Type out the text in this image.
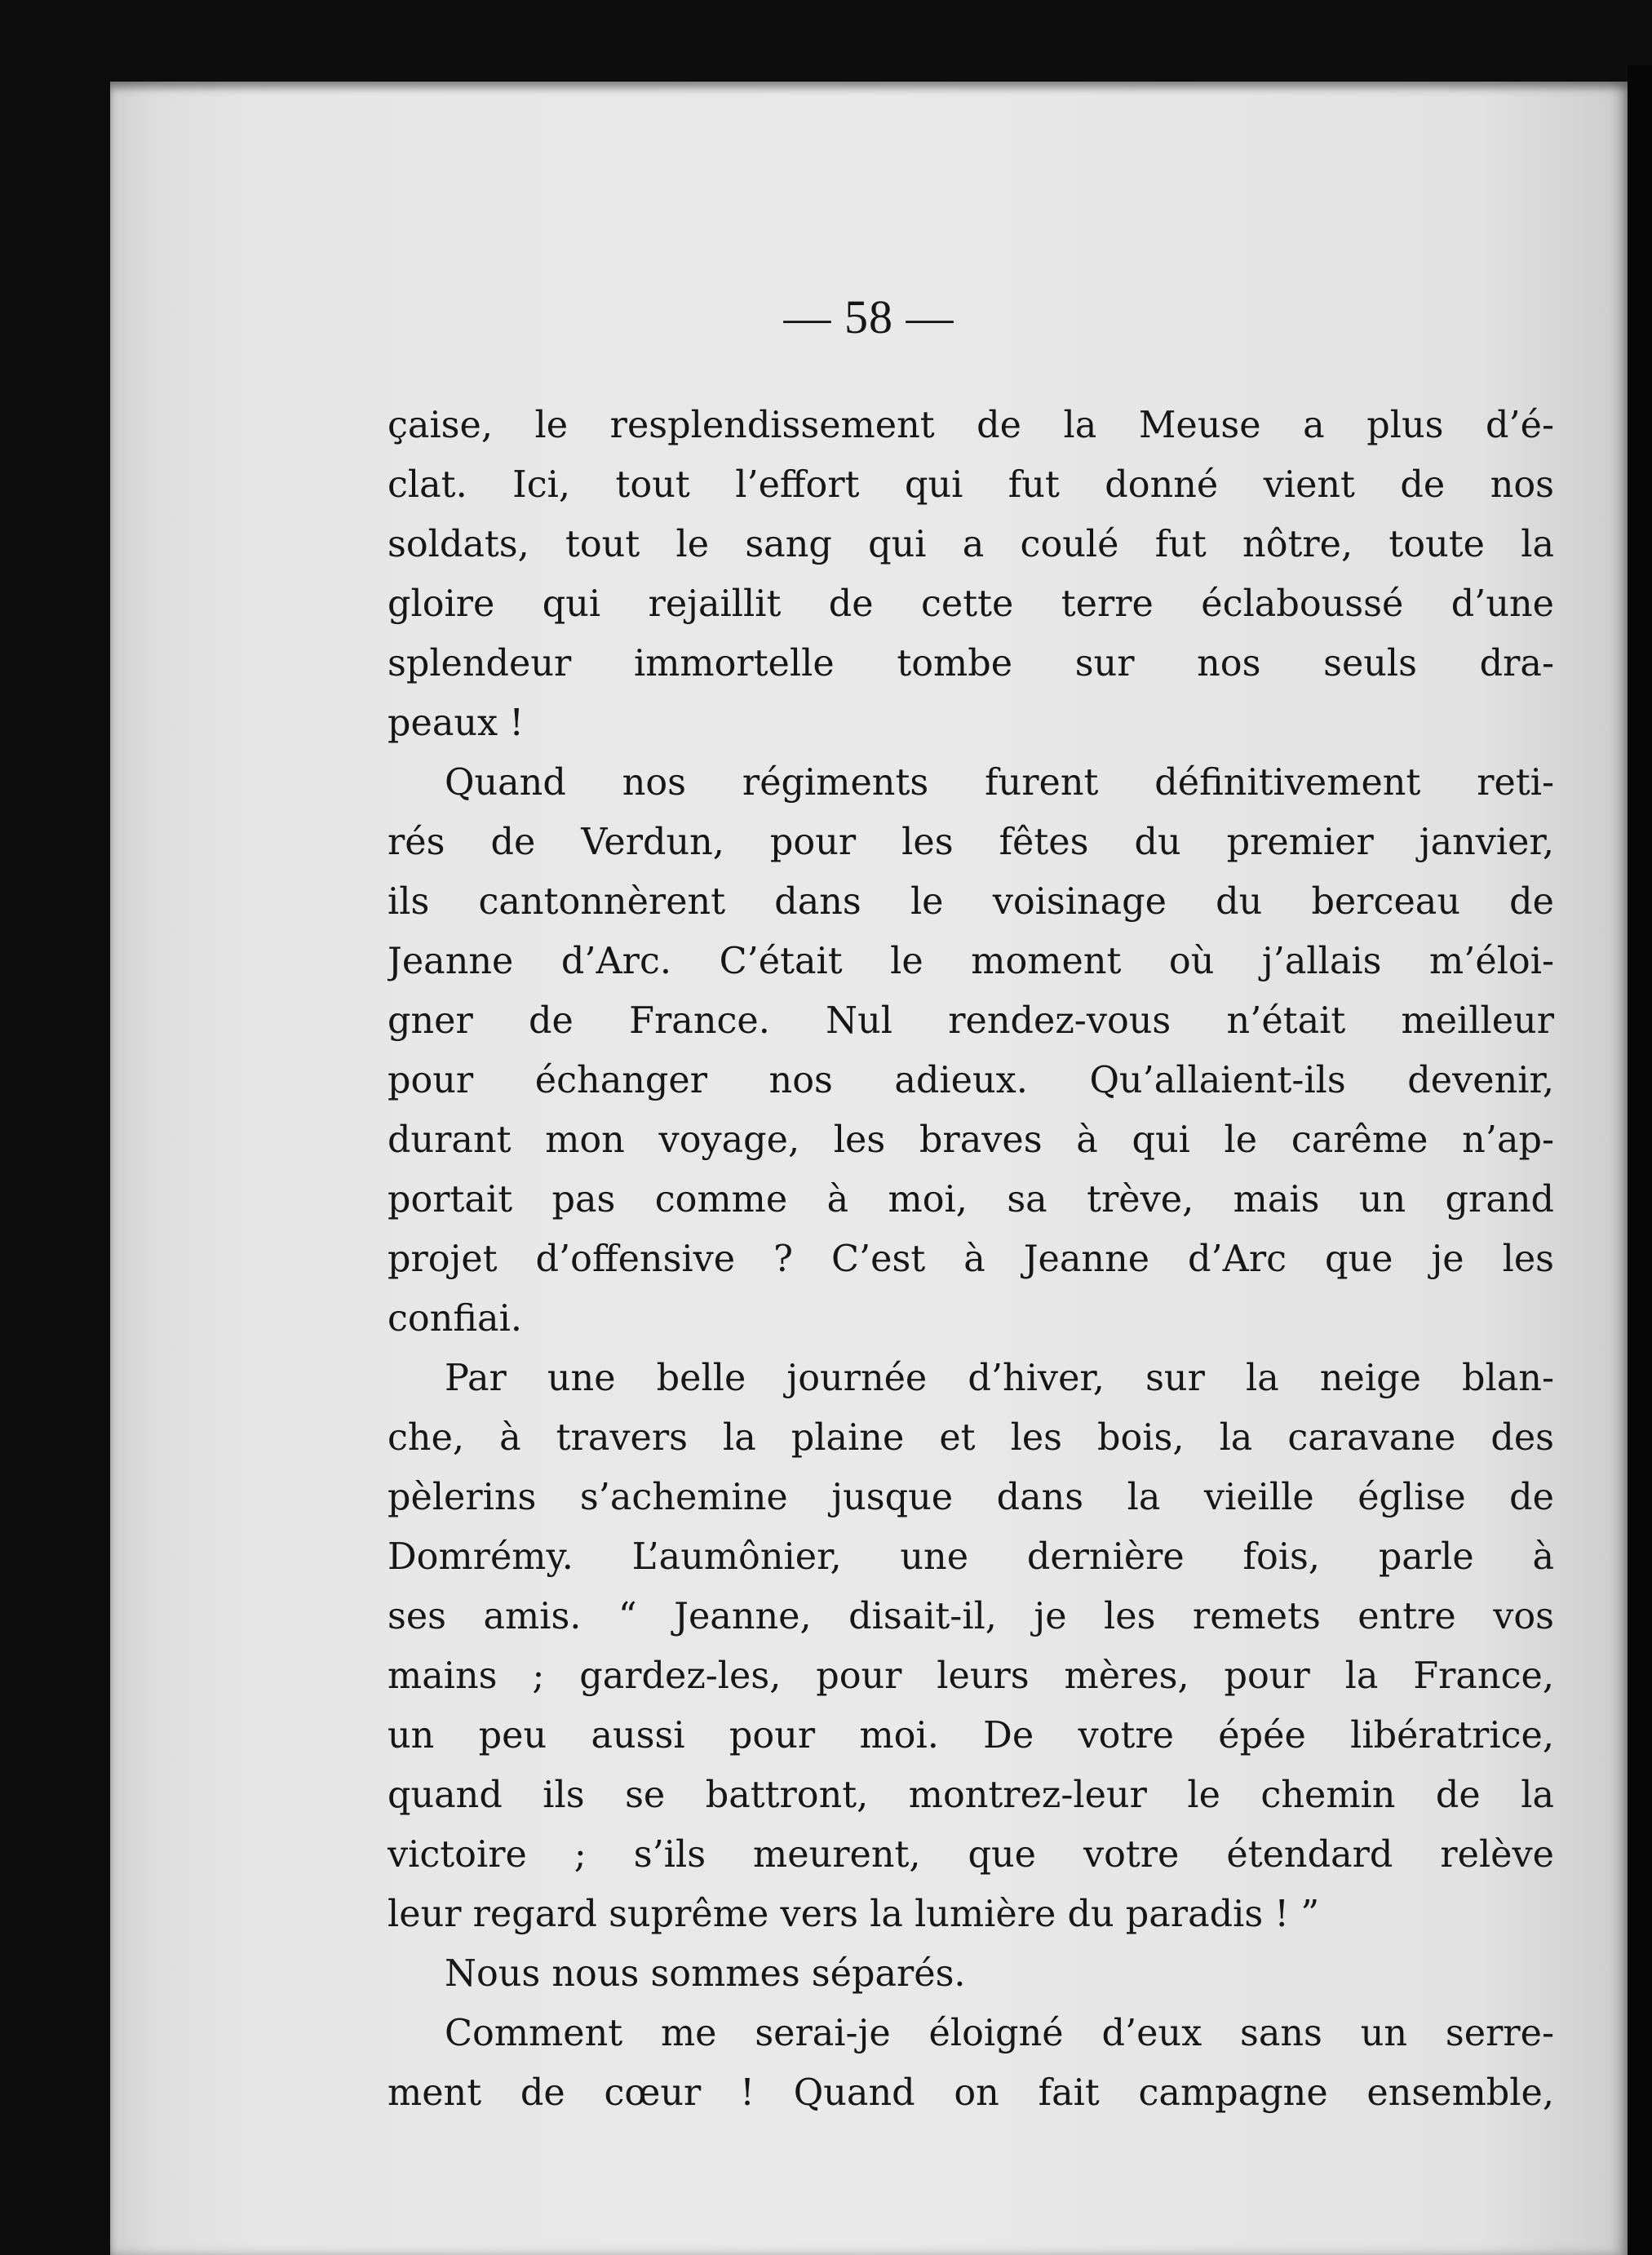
— 58 —
çaise, le resplendissement de la Meuse a plus d’é-
clat. Ici, tout l’effort qui fut donné vient de nos
soldats, tout le sang qui a coulé fut nôtre, toute la
gloire qui rejaillit de cette terre éclaboussé d’une
splendeur immortelle tombe sur nos seuls dra-
peaux !
Quand nos régiments furent définitivement reti-
rés de Verdun, pour les fêtes du premier janvier,
ils cantonnèrent dans le voisinage du berceau de
Jeanne d’Arc. C’était le moment où j’allais m’éloi-
gner de France. Nul rendez-vous n’était meilleur
pour échanger nos adieux. Qu’allaient-ils devenir,
durant mon voyage, les braves à qui le carême n’ap-
portait pas comme à moi, sa trève, mais un grand
projet d’offensive ? C’est à Jeanne d’Arc que je les
confiai.
Par une belle journée d’hiver, sur la neige blan-
che, à travers la plaine et les bois, la caravane des
pèlerins s’achemine jusque dans la vieille église de
Domrémy. L’aumônier, une dernière fois, parle à
ses amis. “ Jeanne, disait-il, je les remets entre vos
mains ; gardez-les, pour leurs mères, pour la France,
un peu aussi pour moi. De votre épée libératrice,
quand ils se battront, montrez-leur le chemin de la
victoire ; s’ils meurent, que votre étendard relève
leur regard suprême vers la lumière du paradis ! ”
Nous nous sommes séparés.
Comment me serai-je éloigné d’eux sans un serre-
ment de cœur ! Quand on fait campagne ensemble,
